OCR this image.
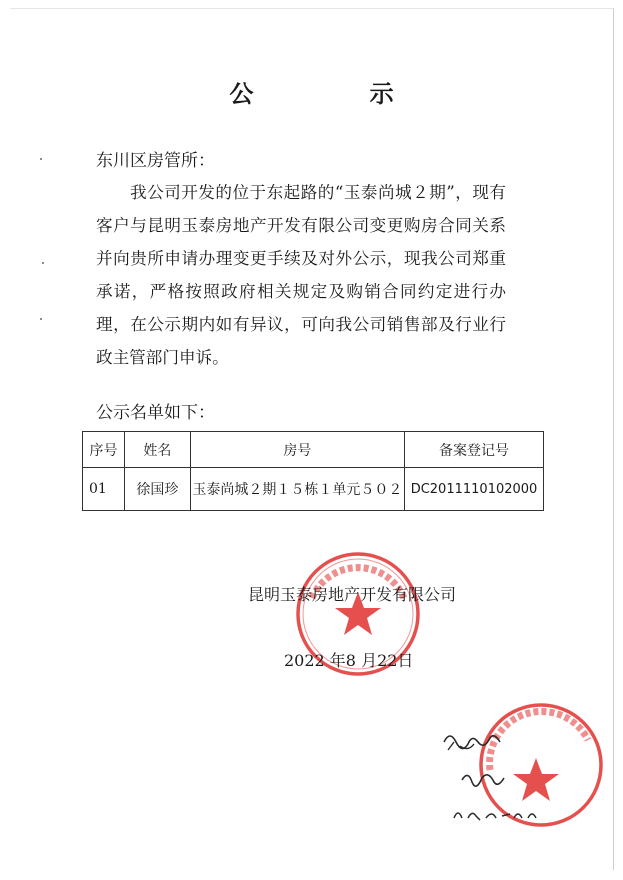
公 示
东川区房管所：
我公司开发的位于东起路的“玉泰尚城２期”，现有客户与昆明玉泰房地产开发有限公司变更购房合同关系并向贵所申请办理变更手续及对外公示，现我公司郑重承诺，严格按照政府相关规定及购销合同约定进行办理，在公示期内如有异议，可向我公司销售部及行业行政主管部门申诉。
公示名单如下：
序号	姓名	房号	备案登记号
01	徐国珍	玉泰尚城２期１５栋１单元５０２	DC2011110102000
昆明玉泰房地产开发有限公司
2022 年8 月22日
